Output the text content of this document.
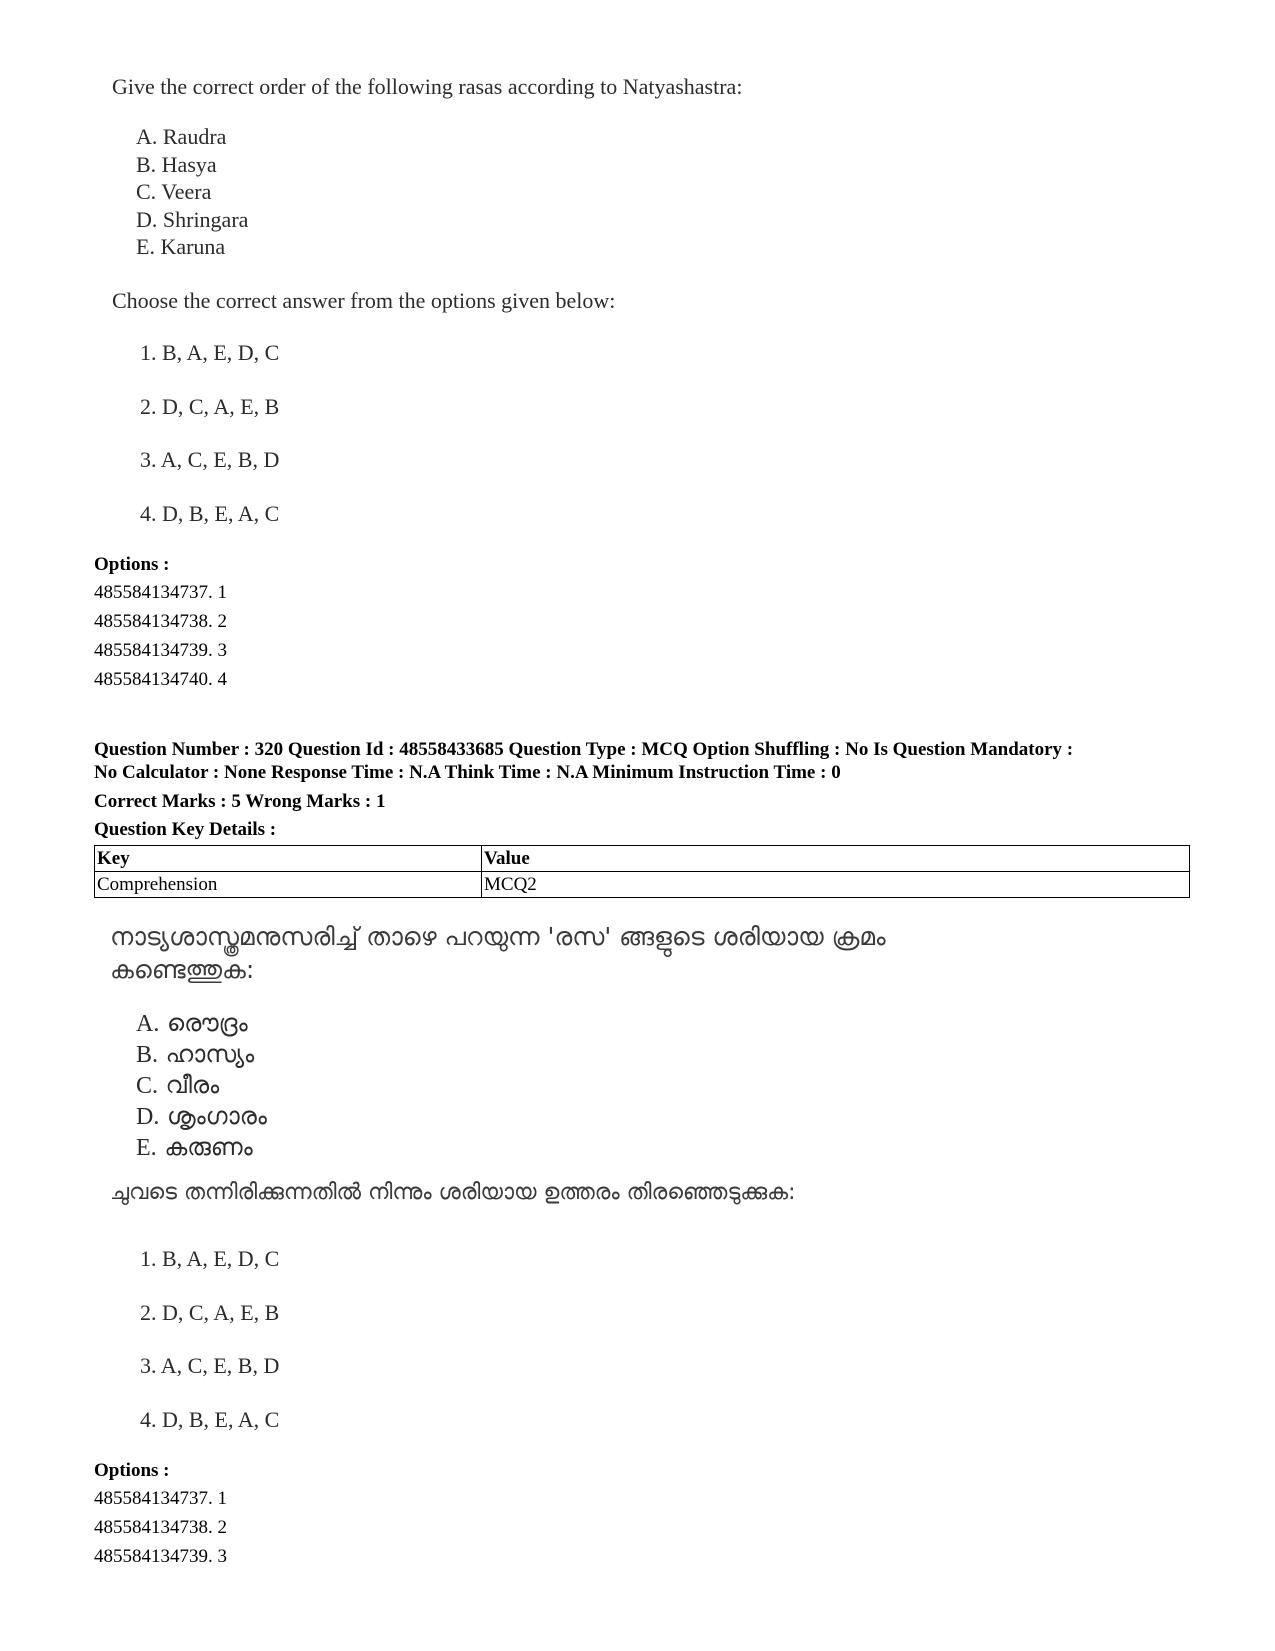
Give the correct order of the following rasas according to Natyashastra:
A. Raudra
B. Hasya
C. Veera
D. Shringara
E. Karuna
Choose the correct answer from the options given below:
1. B, A, E, D, C
2. D, C, A, E, B
3. A, C, E, B, D
4. D, B, E, A, C
Options :
485584134737. 1
485584134738. 2
485584134739. 3
485584134740. 4
Question Number : 320 Question Id : 48558433685 Question Type : MCQ Option Shuffling : No Is Question Mandatory :
No Calculator : None Response Time : N.A Think Time : N.A Minimum Instruction Time : 0
Correct Marks : 5 Wrong Marks : 1
Question Key Details :
Key	Value
Comprehension	MCQ2
നാട്യശാസ്ത്രമനുസരിച്ച് താഴെ പറയുന്ന 'രസ' ങ്ങളുടെ ശരിയായ ക്രമം
കണ്ടെത്തുക:
A. രൌദ്രം
B. ഹാസ്യം
C. വീരം
D. ശൃംഗാരം
E. കരുണം
ചുവടെ തന്നിരിക്കുന്നതിൽ നിന്നും ശരിയായ ഉത്തരം തിരഞ്ഞെടുക്കുക:
1. B, A, E, D, C
2. D, C, A, E, B
3. A, C, E, B, D
4. D, B, E, A, C
Options :
485584134737. 1
485584134738. 2
485584134739. 3
